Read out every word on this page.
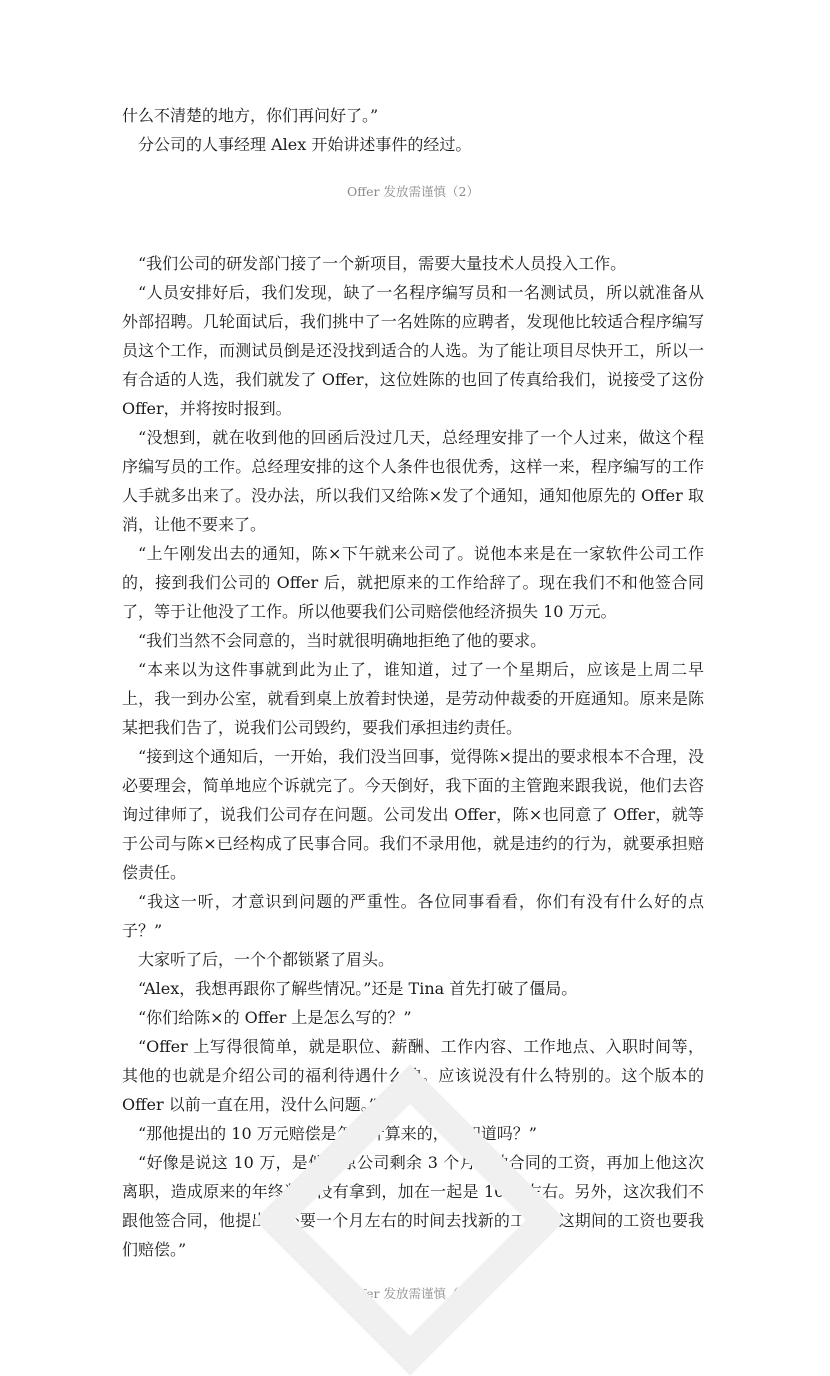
什么不清楚的地方，你们再问好了。”

分公司的人事经理 Alex 开始讲述事件的经过。

Offer 发放需谨慎（2）

“我们公司的研发部门接了一个新项目，需要大量技术人员投入工作。

“人员安排好后，我们发现，缺了一名程序编写员和一名测试员，所以就准备从外部招聘。几轮面试后，我们挑中了一名姓陈的应聘者，发现他比较适合程序编写员这个工作，而测试员倒是还没找到适合的人选。为了能让项目尽快开工，所以一有合适的人选，我们就发了 Offer，这位姓陈的也回了传真给我们，说接受了这份 Offer，并将按时报到。

“没想到，就在收到他的回函后没过几天，总经理安排了一个人过来，做这个程序编写员的工作。总经理安排的这个人条件也很优秀，这样一来，程序编写的工作人手就多出来了。没办法，所以我们又给陈×发了个通知，通知他原先的 Offer 取消，让他不要来了。

“上午刚发出去的通知，陈×下午就来公司了。说他本来是在一家软件公司工作的，接到我们公司的 Offer 后，就把原来的工作给辞了。现在我们不和他签合同了，等于让他没了工作。所以他要我们公司赔偿他经济损失 10 万元。

“我们当然不会同意的，当时就很明确地拒绝了他的要求。

“本来以为这件事就到此为止了，谁知道，过了一个星期后，应该是上周二早上，我一到办公室，就看到桌上放着封快递，是劳动仲裁委的开庭通知。原来是陈某把我们告了，说我们公司毁约，要我们承担违约责任。

“接到这个通知后，一开始，我们没当回事，觉得陈×提出的要求根本不合理，没必要理会，简单地应个诉就完了。今天倒好，我下面的主管跑来跟我说，他们去咨询过律师了，说我们公司存在问题。公司发出 Offer，陈×也同意了 Offer，就等于公司与陈×已经构成了民事合同。我们不录用他，就是违约的行为，就要承担赔偿责任。

“我这一听，才意识到问题的严重性。各位同事看看，你们有没有什么好的点子？”

大家听了后，一个个都锁紧了眉头。

“Alex，我想再跟你了解些情况。”还是 Tina 首先打破了僵局。

“你们给陈×的 Offer 上是怎么写的？”

“Offer 上写得很简单，就是职位、薪酬、工作内容、工作地点、入职时间等，其他的也就是介绍公司的福利待遇什么的。应该说没有什么特别的。这个版本的 Offer 以前一直在用，没什么问题。”

“那他提出的 10 万元赔偿是怎么计算来的，你知道吗？”

“好像是说这 10 万，是他与原公司剩余 3 个月劳动合同的工资，再加上他这次离职，造成原来的年终奖金没有拿到，加在一起是 10 万左右。另外，这次我们不跟他签合同，他提出，还要一个月左右的时间去找新的工作。这期间的工资也要我们赔偿。”

Offer 发放需谨慎（3）
